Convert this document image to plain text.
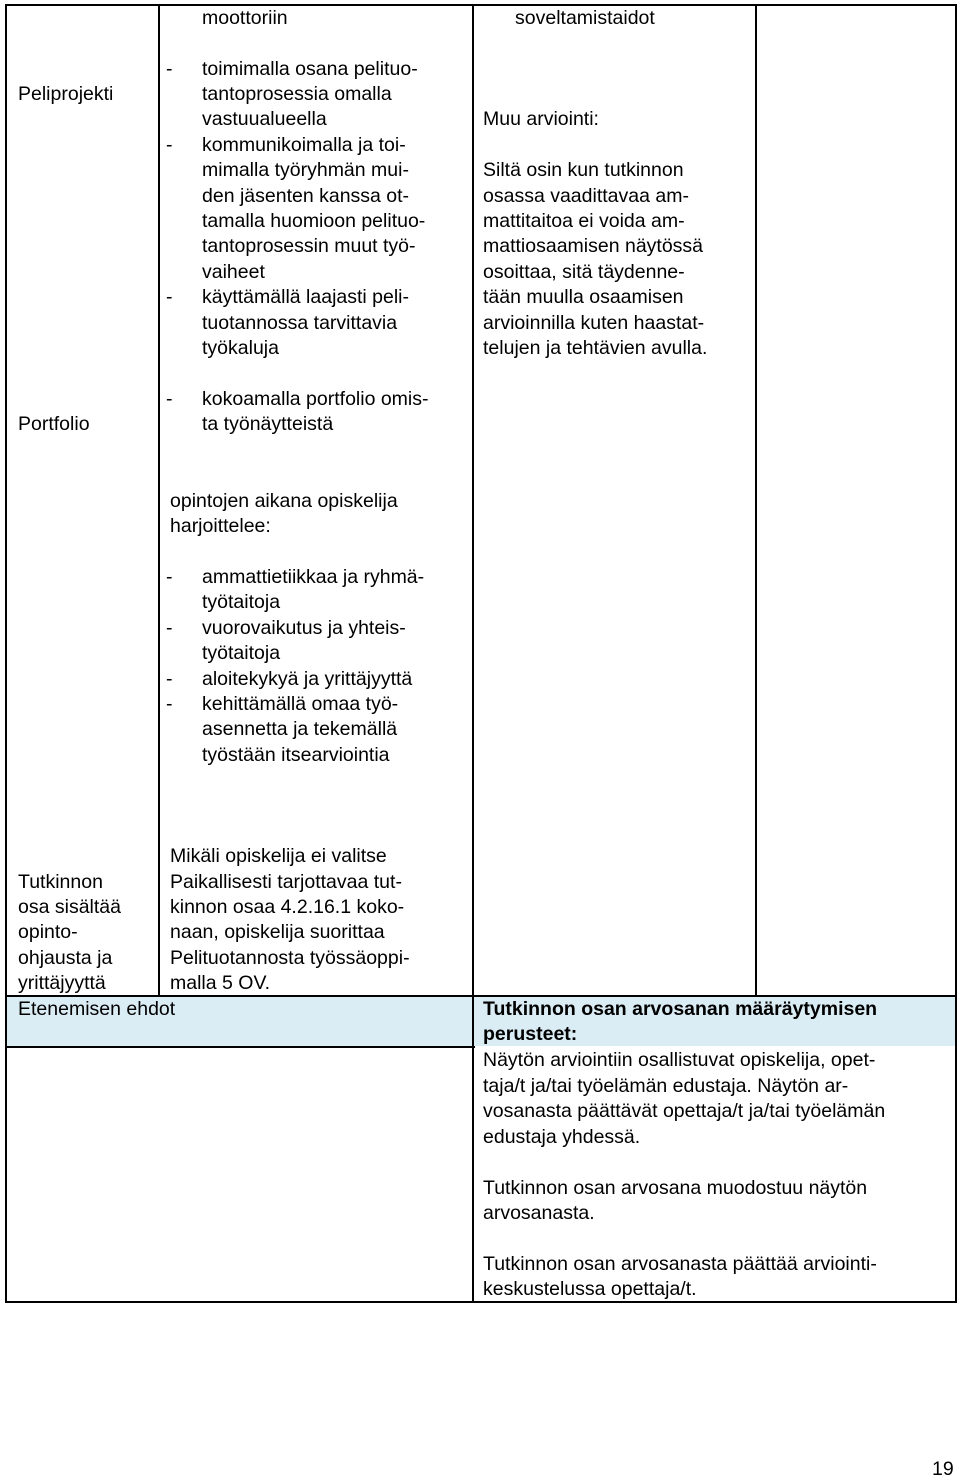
moottoriin	soveltamistaidot
Peliprojekti
- toimimalla osana pelituo-
tantoprosessia omalla
vastuualueella
- kommunikoimalla ja toi-
mimalla työryhmän mui-
den jäsenten kanssa ot-
tamalla huomioon pelituo-
tantoprosessin muut työ-
vaiheet
- käyttämällä laajasti peli-
tuotannossa tarvittavia
työkaluja
Muu arviointi:
Siltä osin kun tutkinnon
osassa vaadittavaa am-
mattitaitoa ei voida am-
mattiosaamisen näytössä
osoittaa, sitä täydenne-
tään muulla osaamisen
arvioinnilla kuten haastat-
telujen ja tehtävien avulla.
Portfolio
- kokoamalla portfolio omis-
ta työnäytteistä
opintojen aikana opiskelija
harjoittelee:
- ammattietiikkaa ja ryhmä-
työtaitoja
- vuorovaikutus ja yhteis-
työtaitoja
- aloitekykyä ja yrittäjyyttä
- kehittämällä omaa työ-
asennetta ja tekemällä
työstään itsearviointia
Tutkinnon
osa sisältää
opinto-
ohjausta ja
yrittäjyyttä
Mikäli opiskelija ei valitse
Paikallisesti tarjottavaa tut-
kinnon osaa 4.2.16.1 koko-
naan, opiskelija suorittaa
Pelituotannosta työssäoppi-
malla 5 OV.
Etenemisen ehdot	Tutkinnon osan arvosanan määräytymisen
perusteet:
Näytön arviointiin osallistuvat opiskelija, opet-
taja/t ja/tai työelämän edustaja. Näytön ar-
vosanasta päättävät opettaja/t ja/tai työelämän
edustaja yhdessä.
Tutkinnon osan arvosana muodostuu näytön
arvosanasta.
Tutkinnon osan arvosanasta päättää arviointi-
keskustelussa opettaja/t.
19
